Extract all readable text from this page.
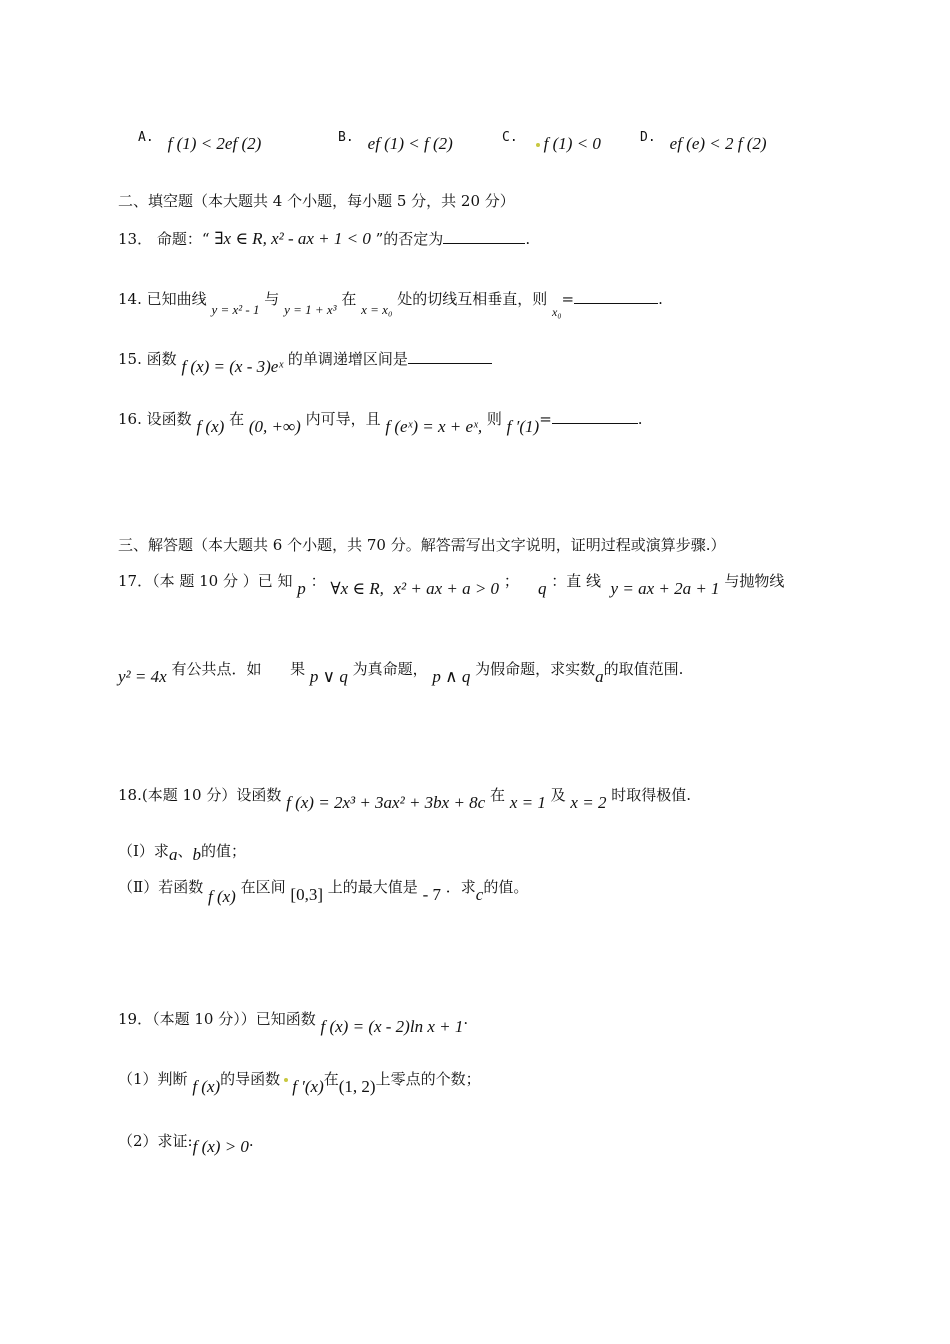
A. f (1) < 2ef (2)	B. ef (1) < f (2)	C. f (1) < 0	D. ef (e) < 2 f (2)
二、填空题（本大题共 4 个小题，每小题 5 分，共 20 分）
13． 命题：“ ∃x ∈ R, x² - ax + 1 < 0 ”的否定为	.
14. 已知曲线 y = x² - 1 与 y = 1 + x³ 在 x = x₀ 处的切线互相垂直，则 $_{x_0}$=	.
15. 函数 f (x) = (x - 3)eˣ 的单调递增区间是
16. 设函数 f (x) 在 (0, +∞) 内可导，且 f (eˣ) = x + eˣ, 则 f ′(1)=	.
三、解答题（本大题共 6 个小题，共 70 分。解答需写出文字说明，证明过程或演算步骤.）
17．（本 题 10 分 ）已 知 p ： ∀x ∈ R, x² + ax + a > 0 ； q ：直 线 y = ax + 2a + 1 与抛物线
y² = 4x 有公共点．如 果 p ∨ q 为真命题， p ∧ q 为假命题，求实数a的取值范围.
18.(本题 10 分）设函数 f (x) = 2x³ + 3ax² + 3bx + 8c 在 x = 1 及 x = 2 时取得极值.
（Ⅰ）求a、b的值；
（Ⅱ）若函数 f (x) 在区间 [0,3] 上的最大值是 - 7 ．求c的值。
19．（本题 10 分））已知函数 f (x) = (x - 2)ln x + 1.
（1）判断 f (x)的导函数 f ′(x)在(1, 2)上零点的个数；
（2）求证:f (x) > 0.
